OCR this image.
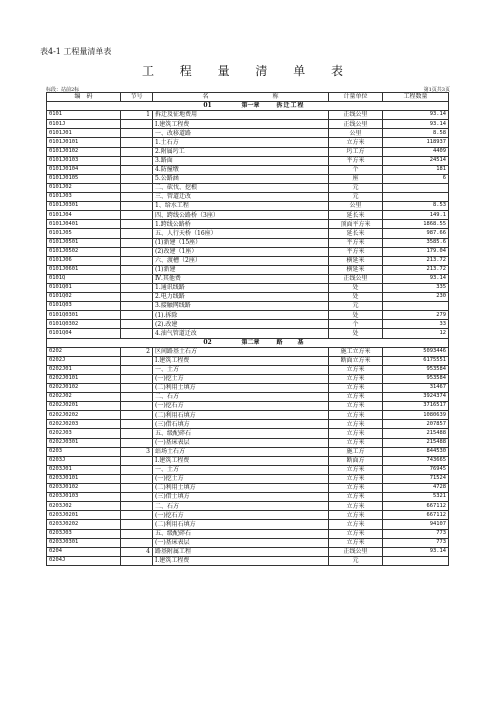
表4-1 工程量清单表
工 程 量 清 单 表
标段：站前2标	第1页共3页
编　码	节号	名 称	计量单位	工程数量
01 第一章 拆迁工程				
0101	1	拆迁及征地费用	正线公里	93.14
0101J		Ⅰ.建筑工程费	正线公里	93.14
0101J01		一、改移道路	公里	8.58
0101J0101		1.土石方	立方米	118937
0101J0102		2.附属圬工	圬工方	4409
0101J0103		3.路面	平方米	24514
0101J0104		4.防撞墩	个	181
0101J0105		5.公路涵	座	6
0101J02		二、砍伐、挖根	元	
0101J03		三、管道迁改	元	
0101J0301		1、给水工程	公里	8.53
0101J04		四、跨线公路桥（3座）	延长米	149.1
0101J0401		1.跨线公路桥	顶面平方米	1868.55
0101J05		五、人行天桥（16座）	延长米	987.66
0101J0501		(1)新建（15座）	平方米	3585.6
0101J0502		(2)改建（1座）	平方米	179.04
0101J06		六、渡槽（2座）	横延米	213.72
0101J0601		(1)新建	横延米	213.72
0101Q		Ⅳ.其他费	正线公里	93.14
0101Q01		1.通讯线路	处	335
0101Q02		2.电力线路	处	230
0101Q03		3.接触网线路	元	
0101Q0301		(1).拆除	处	279
0101Q0302		(2).改建	个	33
0101Q04		4.油气管道迁改	处	12
02 第二章 路　　基				
0202	2	区间路基土石方	施工立方米	5093446
0202J		Ⅰ.建筑工程费	断面立方米	6175551
0202J01		一、土方	立方米	953584
0202J0101		(一)挖土方	立方米	953584
0202J0102		(二)利用土填方	立方米	31467
0202J02		二、石方	立方米	3924374
0202J0201		(一)挖石方	立方米	3716517
0202J0202		(二)利用石填方	立方米	1080639
0202J0203		(三)借石填方	立方米	207857
0202J03		五、级配碎石	立方米	215488
0202J0301		(一)基床表层	立方米	215488
0203	3	站场土石方	施工方	844530
0203J		Ⅰ.建筑工程费	断面方	743665
0203J01		一、土方	立方米	76945
0203J0101		(一)挖土方	立方米	71524
0203J0102		(二)利用土填方	立方米	4728
0203J0103		(三)借土填方	立方米	5321
0203J02		二、石方	立方米	667112
0203J0201		(一)挖石方	立方米	667112
0203J0202		(二)利用石填方	立方米	94107
0203J03		五、级配碎石	立方米	773
0203J0301		(一)基床表层	立方米	773
0204	4	路基附属工程	正线公里	93.14
0204J		Ⅰ.建筑工程费	元	
